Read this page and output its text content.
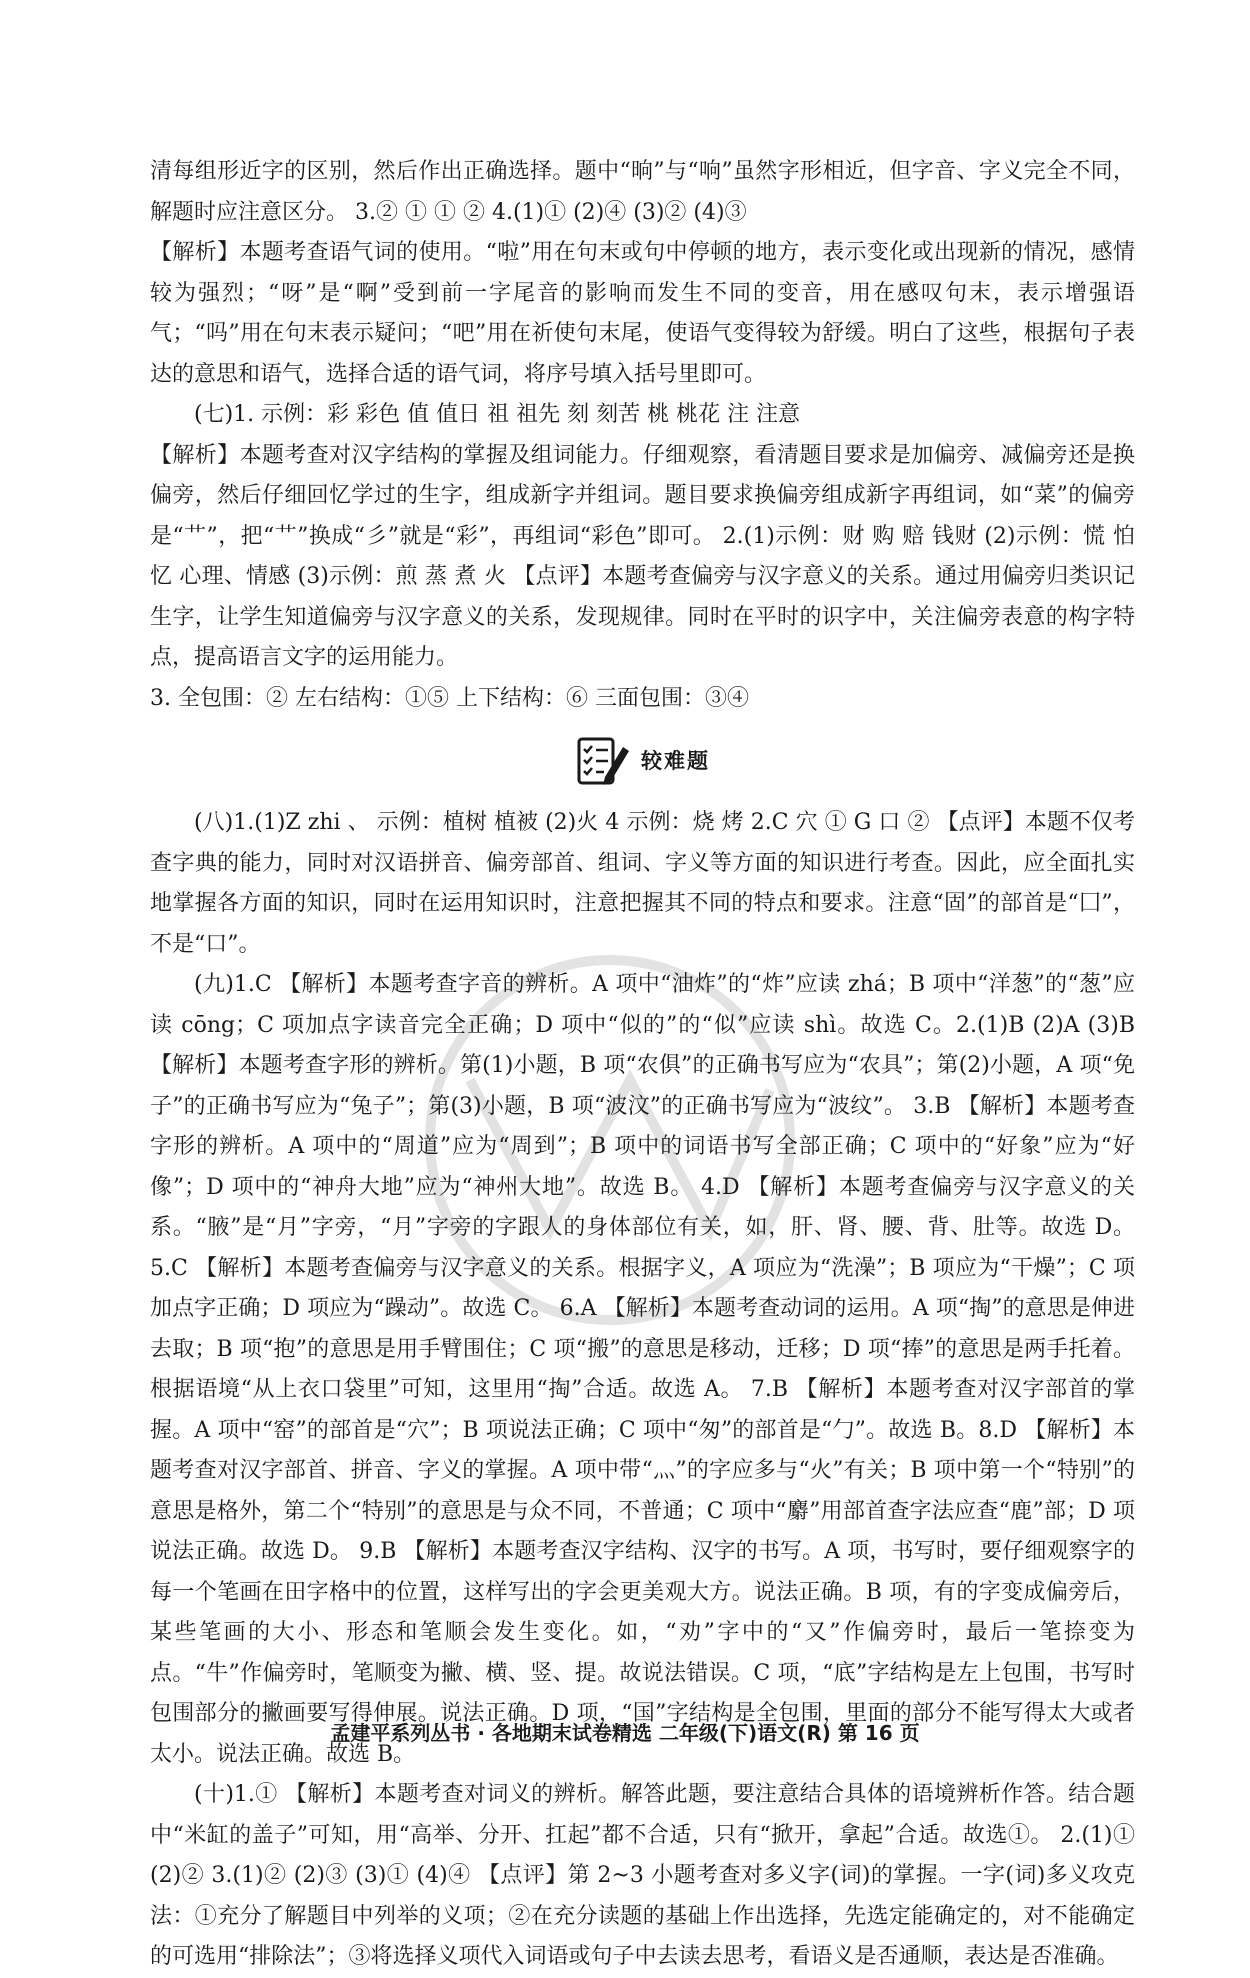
清每组形近字的区别，然后作出正确选择。题中“晌”与“响”虽然字形相近，但字音、字义完全不同，解题时应注意区分。 3.② ① ① ② 4.(1)① (2)④ (3)② (4)③

【解析】本题考查语气词的使用。“啦”用在句末或句中停顿的地方，表示变化或出现新的情况，感情较为强烈；“呀”是“啊”受到前一字尾音的影响而发生不同的变音，用在感叹句末，表示增强语气；“吗”用在句末表示疑问；“吧”用在祈使句末尾，使语气变得较为舒缓。明白了这些，根据句子表达的意思和语气，选择合适的语气词，将序号填入括号里即可。

(七)1. 示例：彩 彩色 值 值日 祖 祖先 刻 刻苦 桃 桃花 注 注意

【解析】本题考查对汉字结构的掌握及组词能力。仔细观察，看清题目要求是加偏旁、减偏旁还是换偏旁，然后仔细回忆学过的生字，组成新字并组词。题目要求换偏旁组成新字再组词，如“菜”的偏旁是“艹”，把“艹”换成“彡”就是“彩”，再组词“彩色”即可。 2.(1)示例：财 购 赔 钱财 (2)示例：慌 怕 忆 心理、情感 (3)示例：煎 蒸 煮 火 【点评】本题考查偏旁与汉字意义的关系。通过用偏旁归类识记生字，让学生知道偏旁与汉字意义的关系，发现规律。同时在平时的识字中，关注偏旁表意的构字特点，提高语言文字的运用能力。

3. 全包围：② 左右结构：①⑤ 上下结构：⑥ 三面包围：③④

较难题

(八)1.(1)Z zhi 、 示例：植树 植被 (2)火 4 示例：烧 烤 2.C 穴 ① G 口 ② 【点评】本题不仅考查字典的能力，同时对汉语拼音、偏旁部首、组词、字义等方面的知识进行考查。因此，应全面扎实地掌握各方面的知识，同时在运用知识时，注意把握其不同的特点和要求。注意“固”的部首是“囗”，不是“口”。

(九)1.C 【解析】本题考查字音的辨析。A 项中“油炸”的“炸”应读 zhá；B 项中“洋葱”的“葱”应读 cōng；C 项加点字读音完全正确；D 项中“似的”的“似”应读 shì。故选 C。2.(1)B (2)A (3)B 【解析】本题考查字形的辨析。第(1)小题，B 项“农俱”的正确书写应为“农具”；第(2)小题，A 项“免子”的正确书写应为“兔子”；第(3)小题，B 项“波汶”的正确书写应为“波纹”。 3.B 【解析】本题考查字形的辨析。A 项中的“周道”应为“周到”；B 项中的词语书写全部正确；C 项中的“好象”应为“好像”；D 项中的“神舟大地”应为“神州大地”。故选 B。 4.D 【解析】本题考查偏旁与汉字意义的关系。“腋”是“月”字旁，“月”字旁的字跟人的身体部位有关，如，肝、肾、腰、背、肚等。故选 D。 5.C 【解析】本题考查偏旁与汉字意义的关系。根据字义，A 项应为“洗澡”；B 项应为“干燥”；C 项加点字正确；D 项应为“躁动”。故选 C。 6.A 【解析】本题考查动词的运用。A 项“掏”的意思是伸进去取；B 项“抱”的意思是用手臂围住；C 项“搬”的意思是移动，迁移；D 项“捧”的意思是两手托着。根据语境“从上衣口袋里”可知，这里用“掏”合适。故选 A。 7.B 【解析】本题考查对汉字部首的掌握。A 项中“窑”的部首是“穴”；B 项说法正确；C 项中“匆”的部首是“勹”。故选 B。8.D 【解析】本题考查对汉字部首、拼音、字义的掌握。A 项中带“灬”的字应多与“火”有关；B 项中第一个“特别”的意思是格外，第二个“特别”的意思是与众不同，不普通；C 项中“麝”用部首查字法应查“鹿”部；D 项说法正确。故选 D。 9.B 【解析】本题考查汉字结构、汉字的书写。A 项，书写时，要仔细观察字的每一个笔画在田字格中的位置，这样写出的字会更美观大方。说法正确。B 项，有的字变成偏旁后，某些笔画的大小、形态和笔顺会发生变化。如，“劝”字中的“又”作偏旁时，最后一笔捺变为点。“牛”作偏旁时，笔顺变为撇、横、竖、提。故说法错误。C 项，“底”字结构是左上包围，书写时包围部分的撇画要写得伸展。说法正确。D 项，“国”字结构是全包围，里面的部分不能写得太大或者太小。说法正确。故选 B。

(十)1.① 【解析】本题考查对词义的辨析。解答此题，要注意结合具体的语境辨析作答。结合题中“米缸的盖子”可知，用“高举、分开、扛起”都不合适，只有“掀开，拿起”合适。故选①。 2.(1)① (2)② 3.(1)② (2)③ (3)① (4)④ 【点评】第 2~3 小题考查对多义字(词)的掌握。一字(词)多义攻克法：①充分了解题目中列举的义项；②在充分读题的基础上作出选择，先选定能确定的，对不能确定的可选用“排除法”；③将选择义项代入词语或句子中去读去思考，看语义是否通顺，表达是否准确。

孟建平系列丛书 · 各地期末试卷精选 二年级(下)语文(R) 第 16 页
